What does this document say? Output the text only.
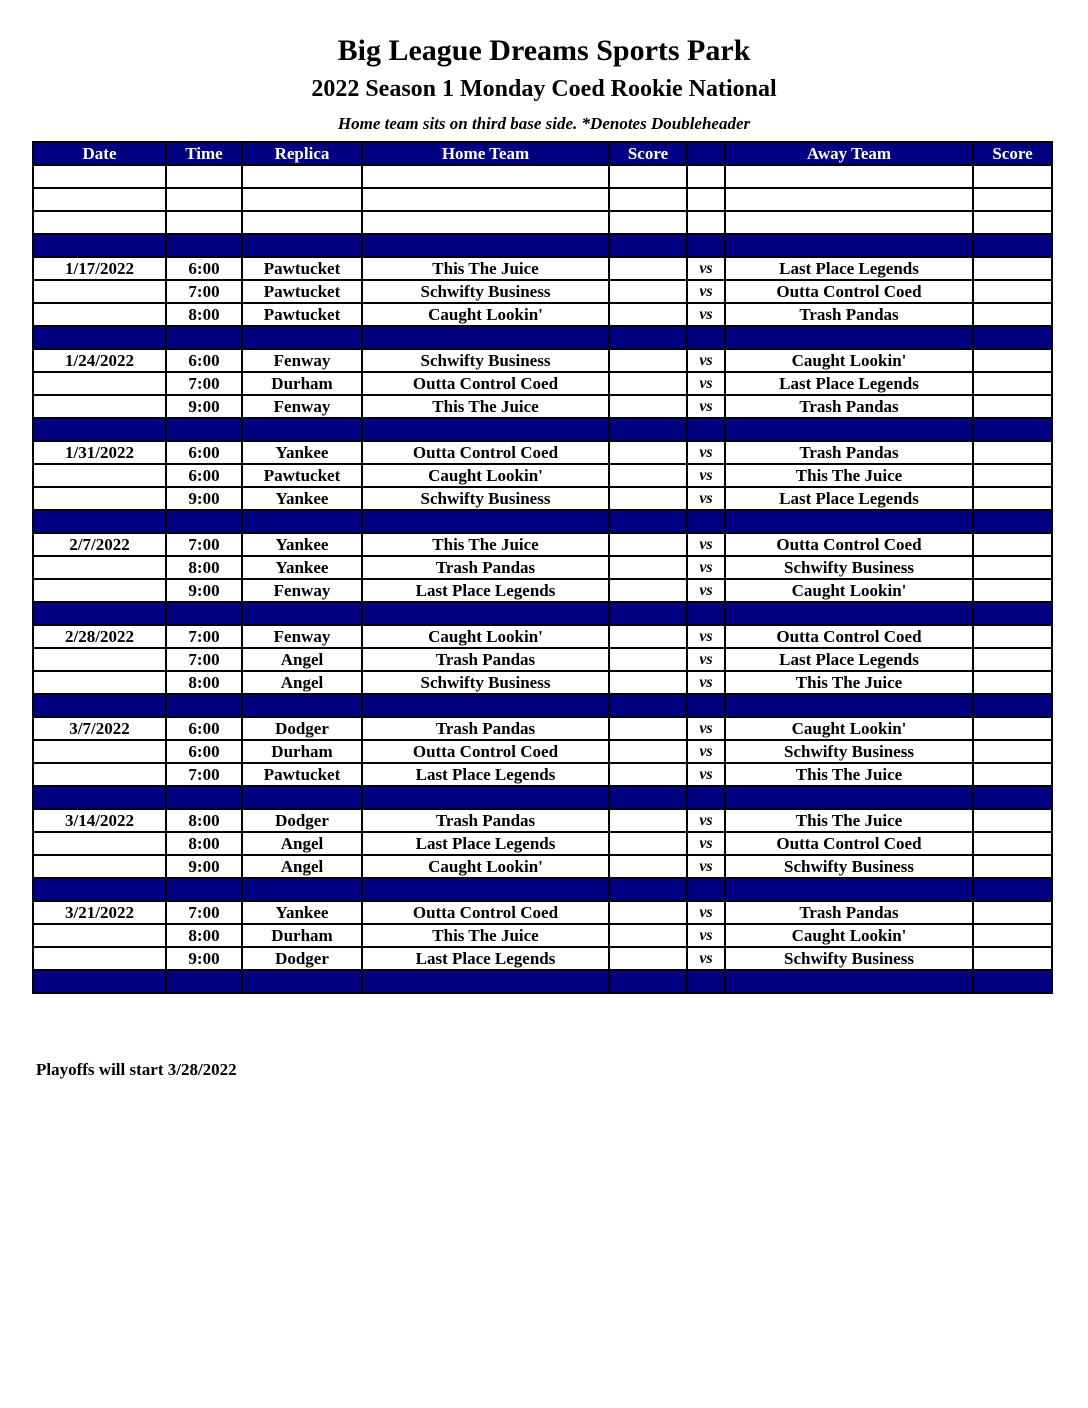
Big League Dreams Sports Park
2022 Season 1 Monday Coed Rookie National
Home team sits on third base side. *Denotes Doubleheader
Date	Time	Replica	Home Team	Score		Away Team	Score

1/17/2022	6:00	Pawtucket	This The Juice		vs	Last Place Legends	
	7:00	Pawtucket	Schwifty Business		vs	Outta Control Coed	
	8:00	Pawtucket	Caught Lookin'		vs	Trash Pandas	

1/24/2022	6:00	Fenway	Schwifty Business		vs	Caught Lookin'	
	7:00	Durham	Outta Control Coed		vs	Last Place Legends	
	9:00	Fenway	This The Juice		vs	Trash Pandas	

1/31/2022	6:00	Yankee	Outta Control Coed		vs	Trash Pandas	
	6:00	Pawtucket	Caught Lookin'		vs	This The Juice	
	9:00	Yankee	Schwifty Business		vs	Last Place Legends	

2/7/2022	7:00	Yankee	This The Juice		vs	Outta Control Coed	
	8:00	Yankee	Trash Pandas		vs	Schwifty Business	
	9:00	Fenway	Last Place Legends		vs	Caught Lookin'	

2/28/2022	7:00	Fenway	Caught Lookin'		vs	Outta Control Coed	
	7:00	Angel	Trash Pandas		vs	Last Place Legends	
	8:00	Angel	Schwifty Business		vs	This The Juice	

3/7/2022	6:00	Dodger	Trash Pandas		vs	Caught Lookin'	
	6:00	Durham	Outta Control Coed		vs	Schwifty Business	
	7:00	Pawtucket	Last Place Legends		vs	This The Juice	

3/14/2022	8:00	Dodger	Trash Pandas		vs	This The Juice	
	8:00	Angel	Last Place Legends		vs	Outta Control Coed	
	9:00	Angel	Caught Lookin'		vs	Schwifty Business	

3/21/2022	7:00	Yankee	Outta Control Coed		vs	Trash Pandas	
	8:00	Durham	This The Juice		vs	Caught Lookin'	
	9:00	Dodger	Last Place Legends		vs	Schwifty Business	

Playoffs will start 3/28/2022
